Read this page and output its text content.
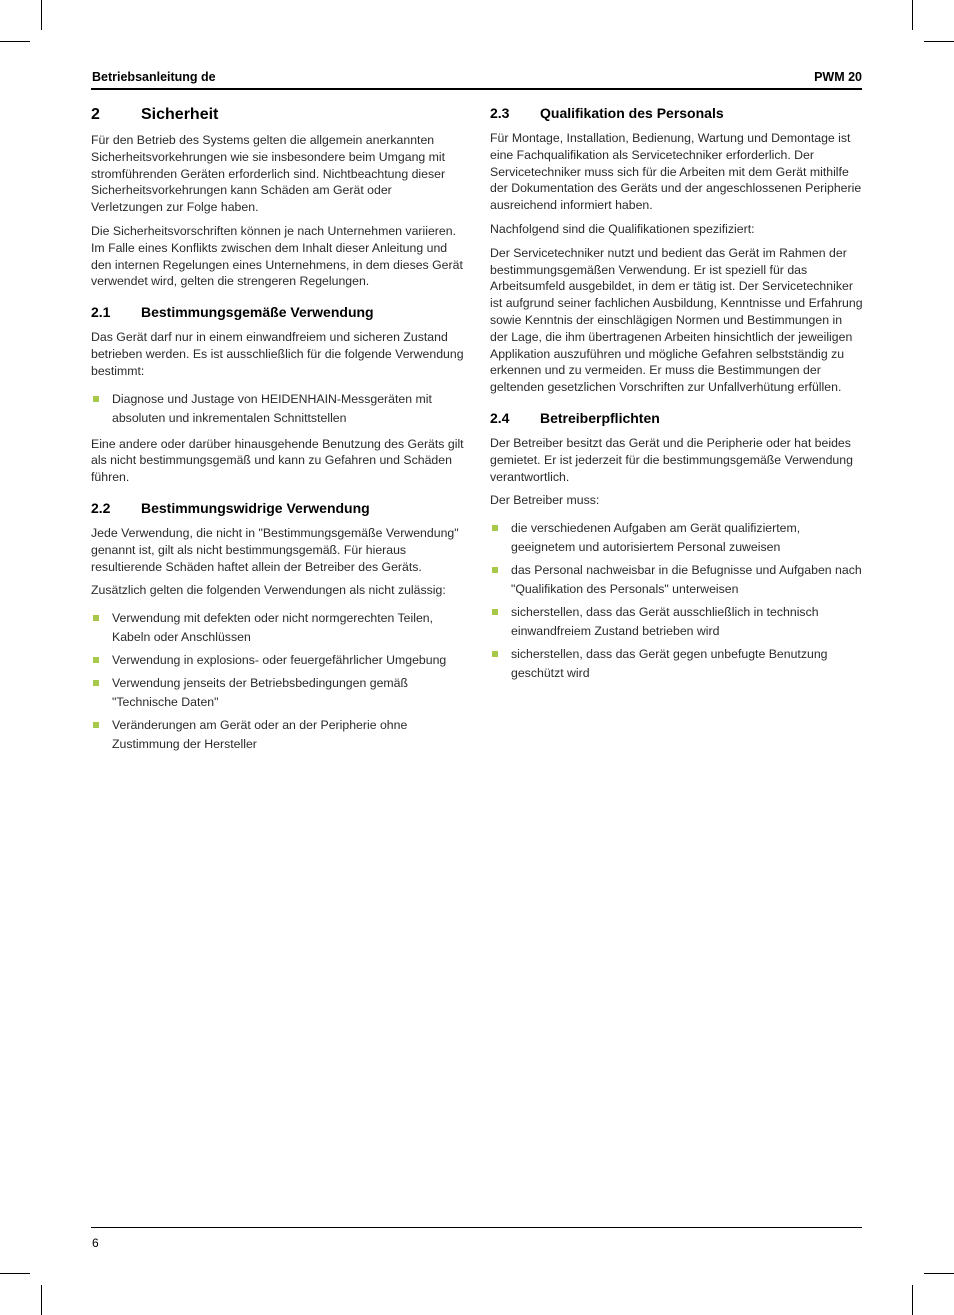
Betriebsanleitung de	PWM 20
2	Sicherheit

Für den Betrieb des Systems gelten die allgemein anerkannten Sicherheitsvorkehrungen wie sie insbesondere beim Umgang mit stromführenden Geräten erforderlich sind. Nichtbeachtung dieser Sicherheitsvorkehrungen kann Schäden am Gerät oder Verletzungen zur Folge haben.

Die Sicherheitsvorschriften können je nach Unternehmen variieren. Im Falle eines Konflikts zwischen dem Inhalt dieser Anleitung und den internen Regelungen eines Unternehmens, in dem dieses Gerät verwendet wird, gelten die strengeren Regelungen.

2.1	Bestimmungsgemäße Verwendung

Das Gerät darf nur in einem einwandfreiem und sicheren Zustand betrieben werden. Es ist ausschließlich für die folgende Verwendung bestimmt:

Diagnose und Justage von HEIDENHAIN-Messgeräten mit absoluten und inkrementalen Schnittstellen

Eine andere oder darüber hinausgehende Benutzung des Geräts gilt als nicht bestimmungsgemäß und kann zu Gefahren und Schäden führen.

2.2	Bestimmungswidrige Verwendung

Jede Verwendung, die nicht in "Bestimmungsgemäße Verwendung" genannt ist, gilt als nicht bestimmungsgemäß. Für hieraus resultierende Schäden haftet allein der Betreiber des Geräts.

Zusätzlich gelten die folgenden Verwendungen als nicht zulässig:

Verwendung mit defekten oder nicht normgerechten Teilen, Kabeln oder Anschlüssen
Verwendung in explosions- oder feuergefährlicher Umgebung
Verwendung jenseits der Betriebsbedingungen gemäß "Technische Daten"
Veränderungen am Gerät oder an der Peripherie ohne Zustimmung der Hersteller
2.3	Qualifikation des Personals

Für Montage, Installation, Bedienung, Wartung und Demontage ist eine Fachqualifikation als Servicetechniker erforderlich. Der Servicetechniker muss sich für die Arbeiten mit dem Gerät mithilfe der Dokumentation des Geräts und der angeschlossenen Peripherie ausreichend informiert haben.

Nachfolgend sind die Qualifikationen spezifiziert:

Der Servicetechniker nutzt und bedient das Gerät im Rahmen der bestimmungsgemäßen Verwendung. Er ist speziell für das Arbeitsumfeld ausgebildet, in dem er tätig ist. Der Servicetechniker ist aufgrund seiner fachlichen Ausbildung, Kenntnisse und Erfahrung sowie Kenntnis der einschlägigen Normen und Bestimmungen in der Lage, die ihm übertragenen Arbeiten hinsichtlich der jeweiligen Applikation auszuführen und mögliche Gefahren selbstständig zu erkennen und zu vermeiden. Er muss die Bestimmungen der geltenden gesetzlichen Vorschriften zur Unfallverhütung erfüllen.

2.4	Betreiberpflichten

Der Betreiber besitzt das Gerät und die Peripherie oder hat beides gemietet. Er ist jederzeit für die bestimmungsgemäße Verwendung verantwortlich.

Der Betreiber muss:

die verschiedenen Aufgaben am Gerät qualifiziertem, geeignetem und autorisiertem Personal zuweisen
das Personal nachweisbar in die Befugnisse und Aufgaben nach "Qualifikation des Personals" unterweisen
sicherstellen, dass das Gerät ausschließlich in technisch einwandfreiem Zustand betrieben wird
sicherstellen, dass das Gerät gegen unbefugte Benutzung geschützt wird
6
